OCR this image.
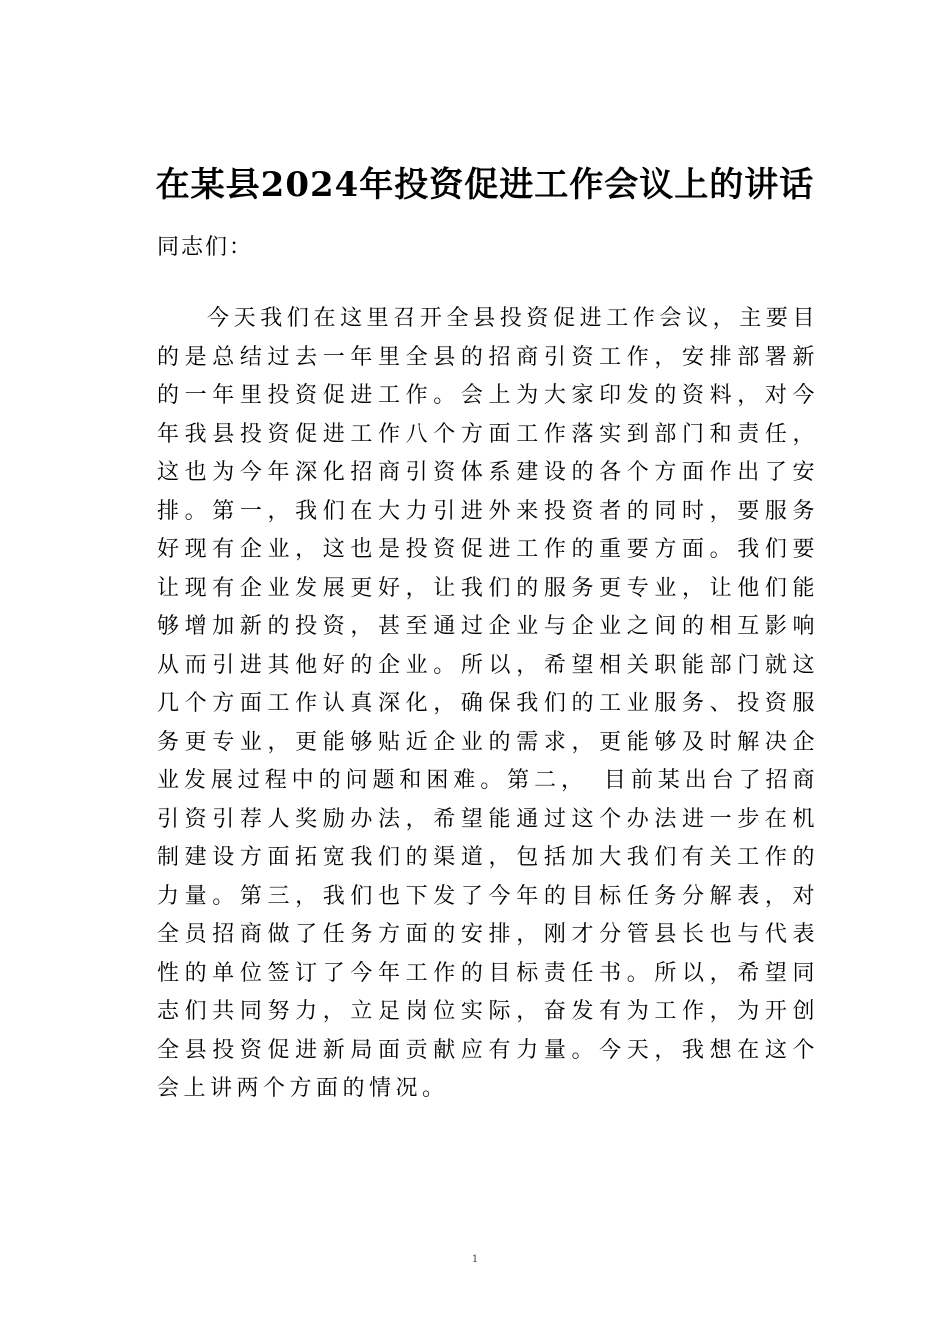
在某县2024年投资促进工作会议上的讲话

同志们：

今天我们在这里召开全县投资促进工作会议，主要目的是总结过去一年里全县的招商引资工作，安排部署新的一年里投资促进工作。会上为大家印发的资料，对今年我县投资促进工作八个方面工作落实到部门和责任，这也为今年深化招商引资体系建设的各个方面作出了安排。第一，我们在大力引进外来投资者的同时，要服务好现有企业，这也是投资促进工作的重要方面。我们要让现有企业发展更好，让我们的服务更专业，让他们能够增加新的投资，甚至通过企业与企业之间的相互影响从而引进其他好的企业。所以，希望相关职能部门就这几个方面工作认真深化，确保我们的工业服务、投资服务更专业，更能够贴近企业的需求，更能够及时解决企业发展过程中的问题和困难。第二，　目前某出台了招商引资引荐人奖励办法，希望能通过这个办法进一步在机制建设方面拓宽我们的渠道，包括加大我们有关工作的力量。第三，我们也下发了今年的目标任务分解表，对全员招商做了任务方面的安排，刚才分管县长也与代表性的单位签订了今年工作的目标责任书。所以，希望同志们共同努力，立足岗位实际，奋发有为工作，为开创全县投资促进新局面贡献应有力量。今天，我想在这个会上讲两个方面的情况。

1
